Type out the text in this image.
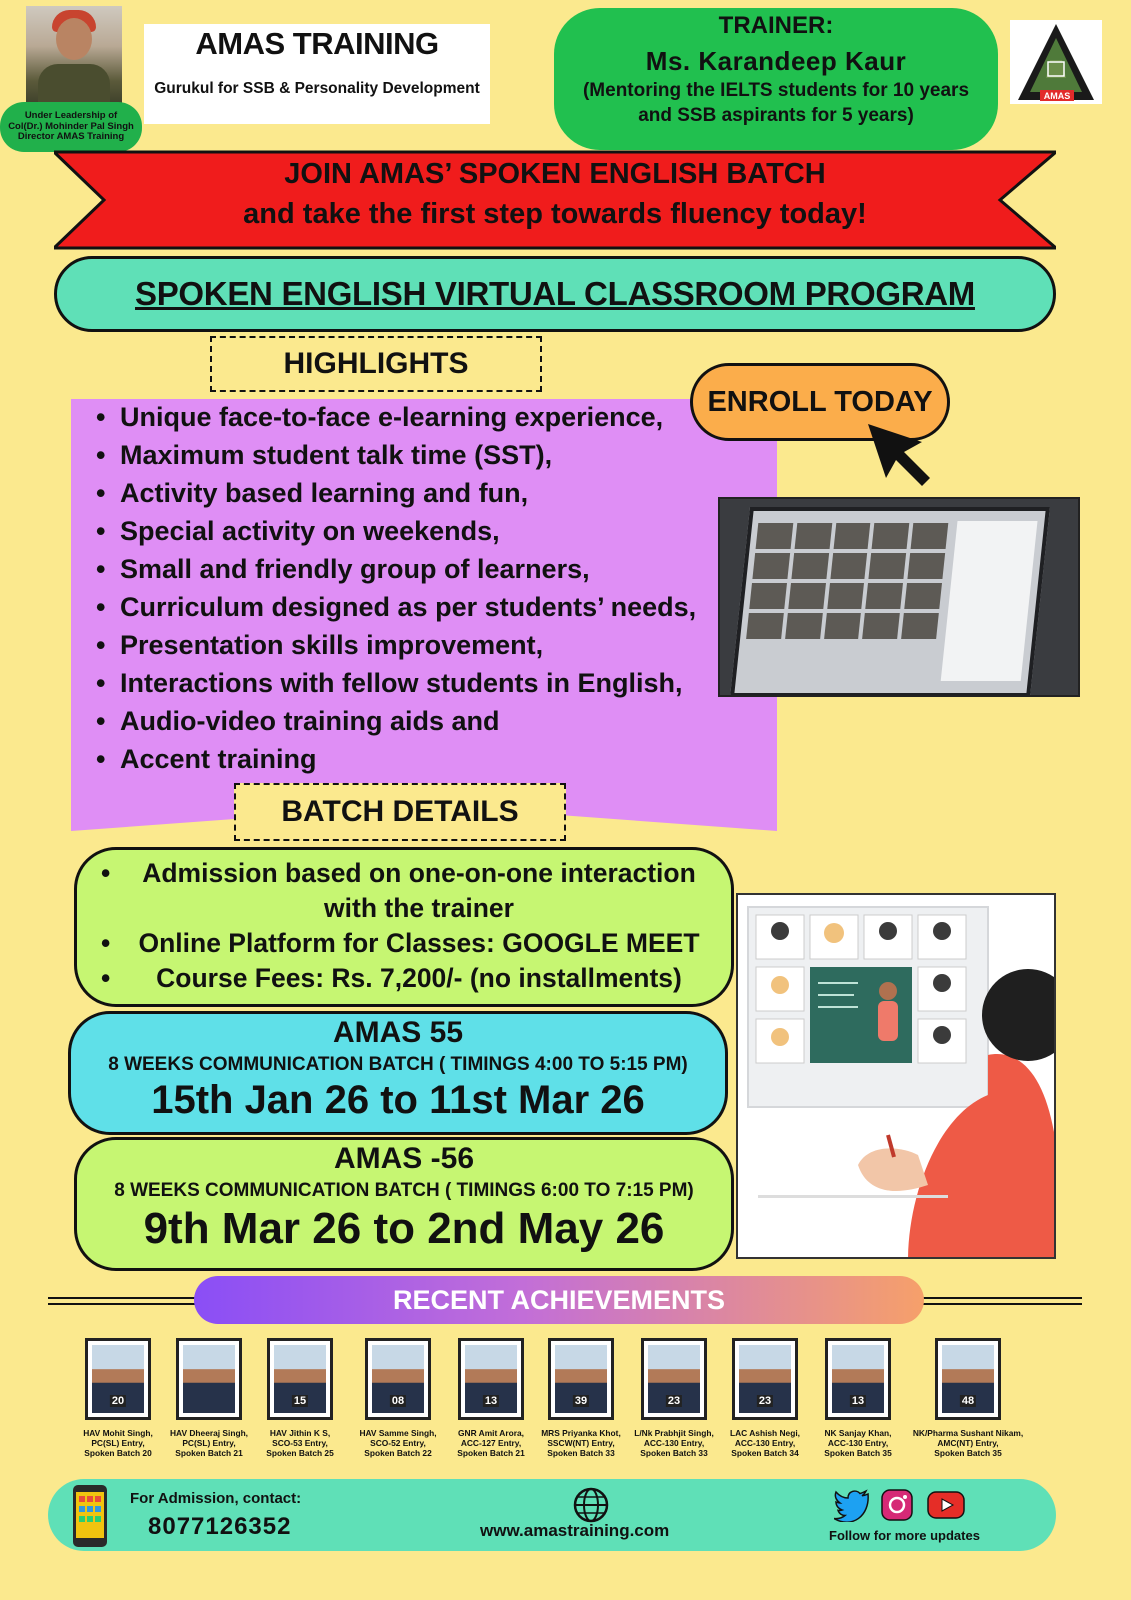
Under Leadership of
Col(Dr.) Mohinder Pal Singh
Director AMAS Training
AMAS TRAINING
Gurukul for SSB & Personality Development
TRAINER:
Ms. Karandeep Kaur
(Mentoring the IELTS students for 10 years
and SSB aspirants for 5 years)
AMAS
JOIN AMAS’ SPOKEN ENGLISH BATCH
and take the first step towards fluency today!
SPOKEN ENGLISH VIRTUAL CLASSROOM PROGRAM
HIGHLIGHTS
• Unique face-to-face e-learning experience,
• Maximum student talk time (SST),
• Activity based learning and fun,
• Special activity on weekends,
• Small and friendly group of learners,
• Curriculum designed as per students’ needs,
• Presentation skills improvement,
• Interactions with fellow students in English,
• Audio-video training aids and
• Accent training
ENROLL TODAY
BATCH DETAILS
• Admission based on one-on-one interaction with the trainer
• Online Platform for Classes: GOOGLE MEET
• Course Fees: Rs. 7,200/- (no installments)
AMAS 55
8 WEEKS COMMUNICATION BATCH ( TIMINGS 4:00 TO 5:15 PM)
15th Jan 26 to 11st Mar 26
AMAS -56
8 WEEKS COMMUNICATION BATCH ( TIMINGS 6:00 TO 7:15 PM)
9th Mar 26 to 2nd May 26
RECENT ACHIEVEMENTS
20
HAV Mohit Singh,
PC(SL) Entry,
Spoken Batch 20
HAV Dheeraj Singh,
PC(SL) Entry,
Spoken Batch 21
15
HAV Jithin K S,
SCO-53 Entry,
Spoken Batch 25
08
HAV Samme Singh,
SCO-52 Entry,
Spoken Batch 22
13
GNR Amit Arora,
ACC-127 Entry,
Spoken Batch 21
39
MRS Priyanka Khot,
SSCW(NT) Entry,
Spoken Batch 33
23
L/Nk Prabhjit Singh,
ACC-130 Entry,
Spoken Batch 33
23
LAC Ashish Negi,
ACC-130 Entry,
Spoken Batch 34
13
NK Sanjay Khan,
ACC-130 Entry,
Spoken Batch 35
48
NK/Pharma Sushant Nikam,
AMC(NT) Entry,
Spoken Batch 35
For Admission, contact:
8077126352	www.amastraining.com	Follow for more updates
